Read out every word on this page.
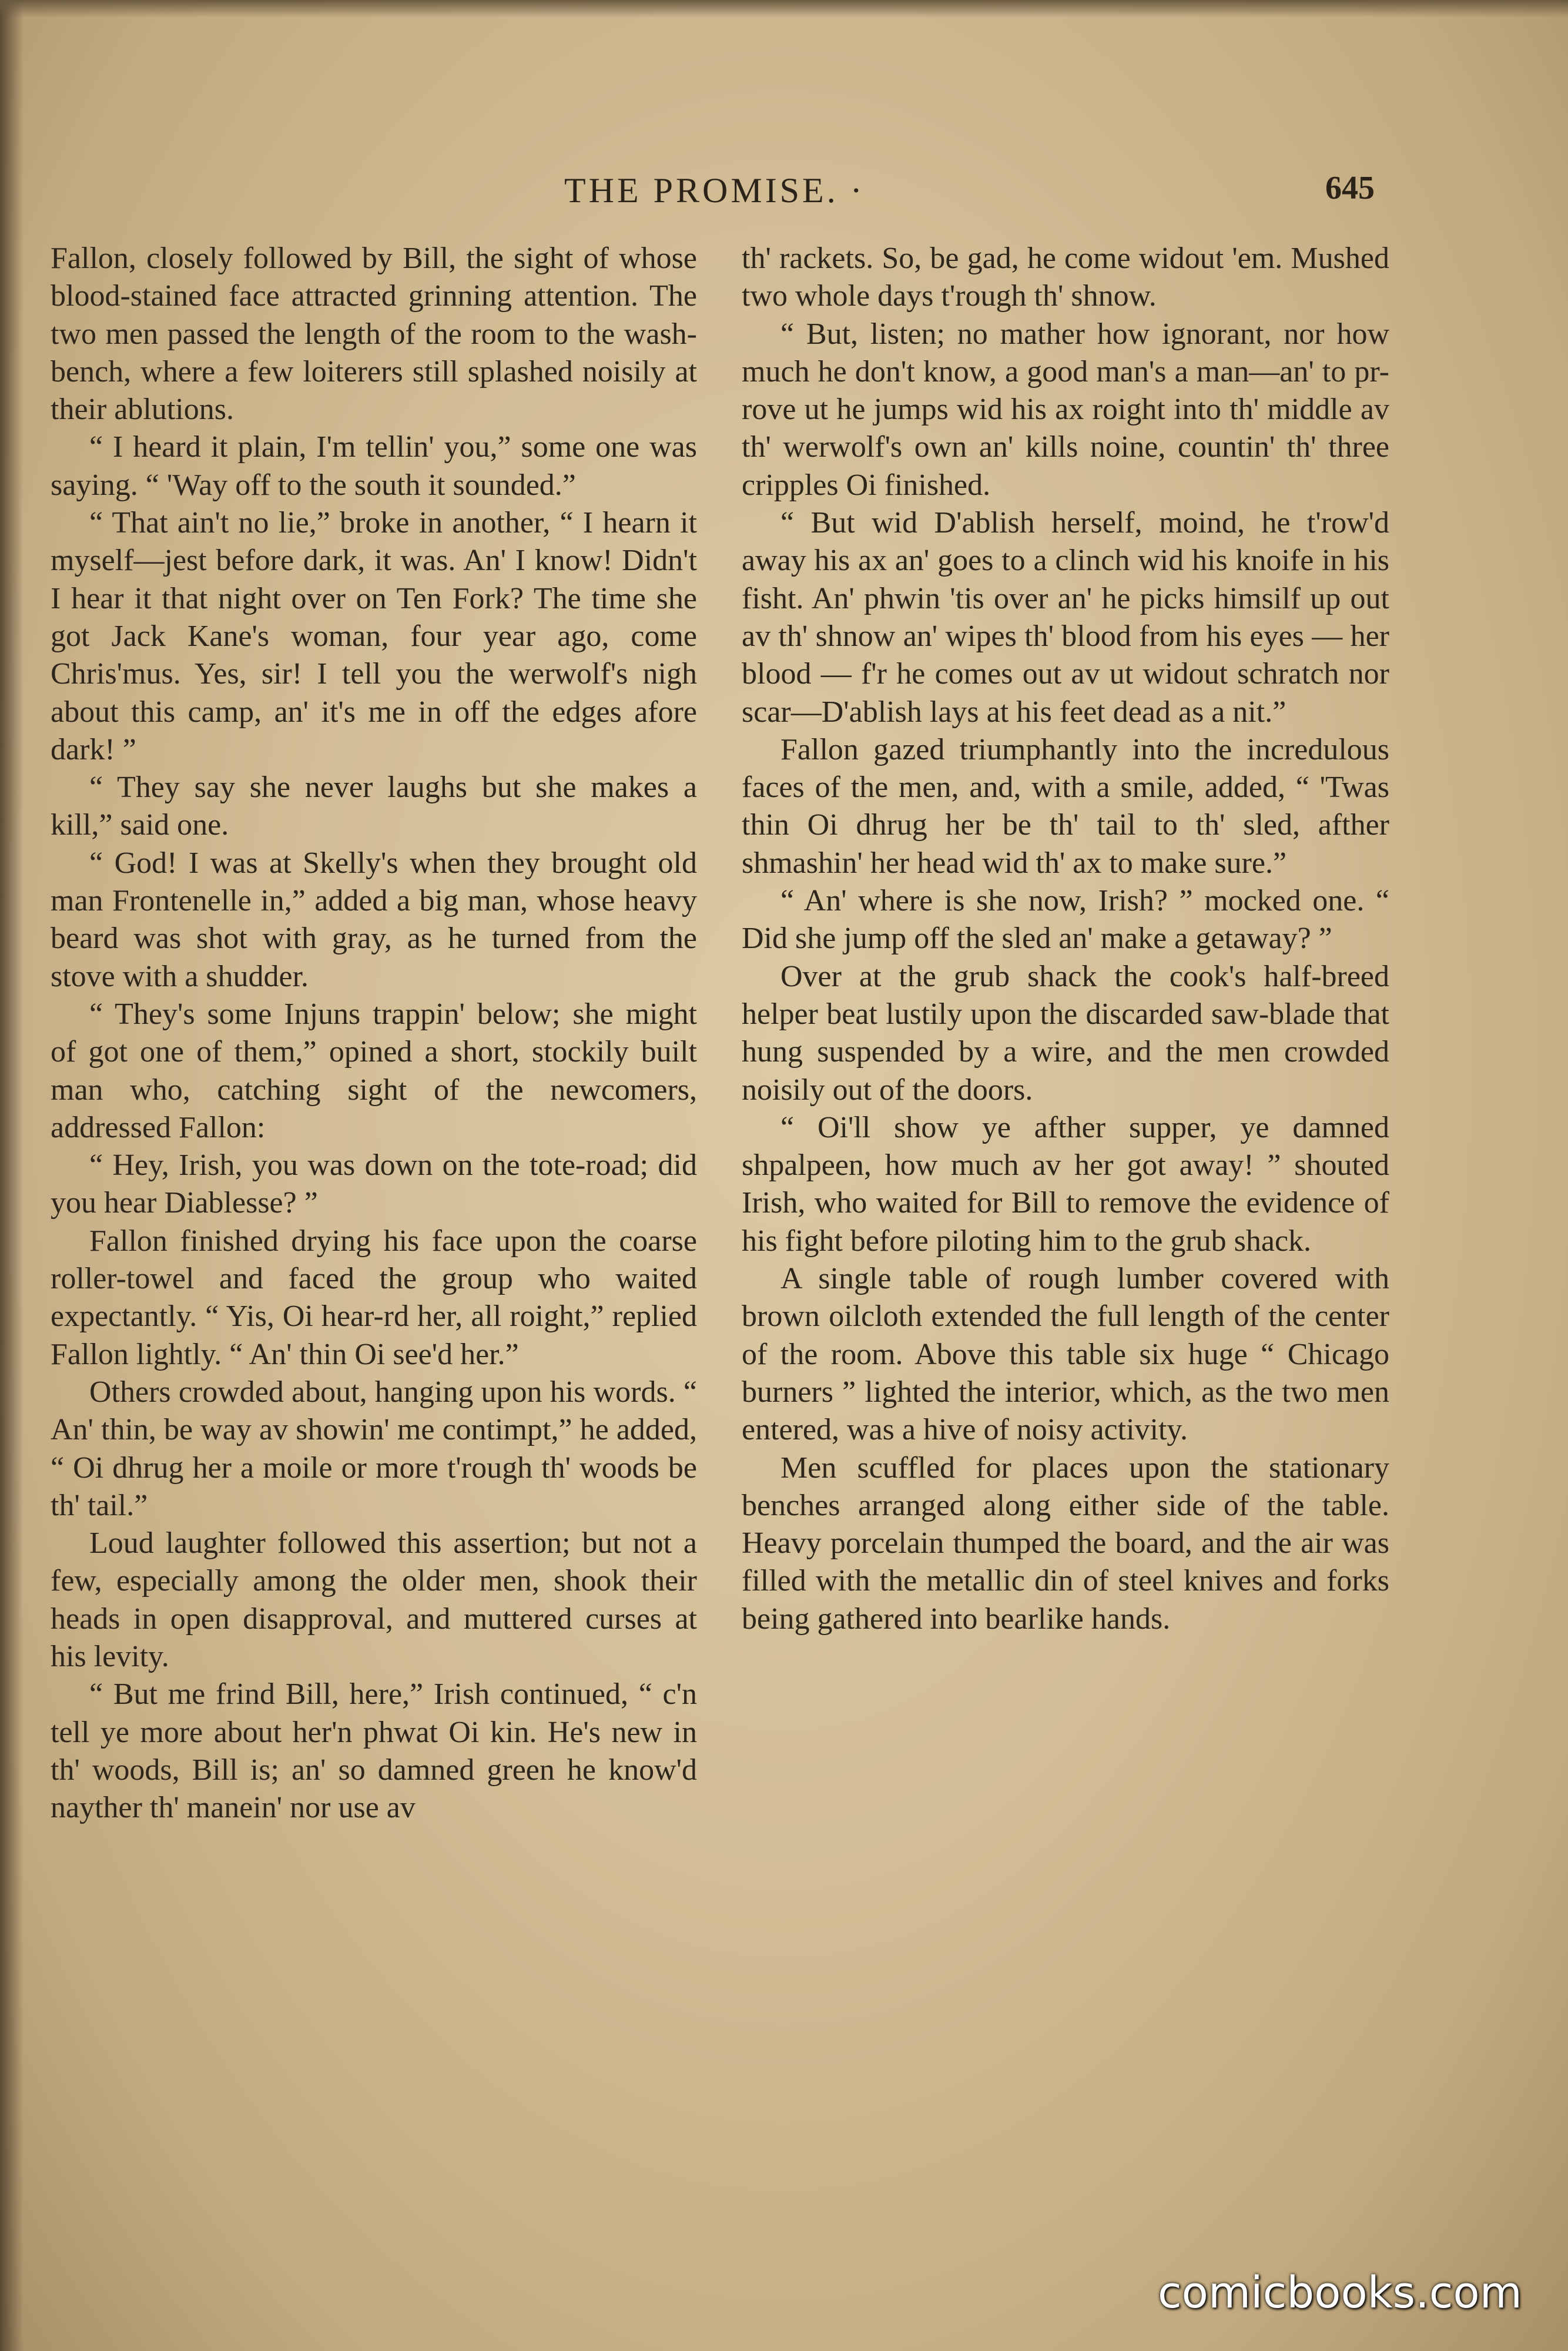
THE PROMISE. ·	645

Fallon, closely followed by Bill, the sight of whose blood-stained face attracted grinning attention. The two men passed the length of the room to the wash-bench, where a few loiterers still splashed noisily at their ablutions.

“ I heard it plain, I'm tellin' you,” some one was saying. “ 'Way off to the south it sounded.”

“ That ain't no lie,” broke in another, “ I hearn it myself—jest before dark, it was. An' I know! Didn't I hear it that night over on Ten Fork? The time she got Jack Kane's woman, four year ago, come Chris'mus. Yes, sir! I tell you the werwolf's nigh about this camp, an' it's me in off the edges afore dark! ”

“ They say she never laughs but she makes a kill,” said one.

“ God! I was at Skelly's when they brought old man Frontenelle in,” added a big man, whose heavy beard was shot with gray, as he turned from the stove with a shudder.

“ They's some Injuns trappin' below; she might of got one of them,” opined a short, stockily built man who, catching sight of the newcomers, addressed Fallon:

“ Hey, Irish, you was down on the tote-road; did you hear Diablesse? ”

Fallon finished drying his face upon the coarse roller-towel and faced the group who waited expectantly. “ Yis, Oi hear-rd her, all roight,” replied Fallon lightly. “ An' thin Oi see'd her.”

Others crowded about, hanging upon his words. “ An' thin, be way av showin' me contimpt,” he added, “ Oi dhrug her a moile or more t'rough th' woods be th' tail.”

Loud laughter followed this assertion; but not a few, especially among the older men, shook their heads in open disapproval, and muttered curses at his levity.

“ But me frind Bill, here,” Irish continued, “ c'n tell ye more about her'n phwat Oi kin. He's new in th' woods, Bill is; an' so damned green he know'd nayther th' manein' nor use av

th' rackets. So, be gad, he come widout 'em. Mushed two whole days t'rough th' shnow.

“ But, listen; no mather how ignorant, nor how much he don't know, a good man's a man—an' to pr-rove ut he jumps wid his ax roight into th' middle av th' werwolf's own an' kills noine, countin' th' three cripples Oi finished.

“ But wid D'ablish herself, moind, he t'row'd away his ax an' goes to a clinch wid his knoife in his fisht. An' phwin 'tis over an' he picks himsilf up out av th' shnow an' wipes th' blood from his eyes — her blood — f'r he comes out av ut widout schratch nor scar—D'ablish lays at his feet dead as a nit.”

Fallon gazed triumphantly into the incredulous faces of the men, and, with a smile, added, “ 'Twas thin Oi dhrug her be th' tail to th' sled, afther shmashin' her head wid th' ax to make sure.”

“ An' where is she now, Irish? ” mocked one. “ Did she jump off the sled an' make a getaway? ”

Over at the grub shack the cook's half-breed helper beat lustily upon the discarded saw-blade that hung suspended by a wire, and the men crowded noisily out of the doors.

“ Oi'll show ye afther supper, ye damned shpalpeen, how much av her got away! ” shouted Irish, who waited for Bill to remove the evidence of his fight before piloting him to the grub shack.

A single table of rough lumber covered with brown oilcloth extended the full length of the center of the room. Above this table six huge “ Chicago burners ” lighted the interior, which, as the two men entered, was a hive of noisy activity.

Men scuffled for places upon the stationary benches arranged along either side of the table. Heavy porcelain thumped the board, and the air was filled with the metallic din of steel knives and forks being gathered into bearlike hands.

comicbooks.com
